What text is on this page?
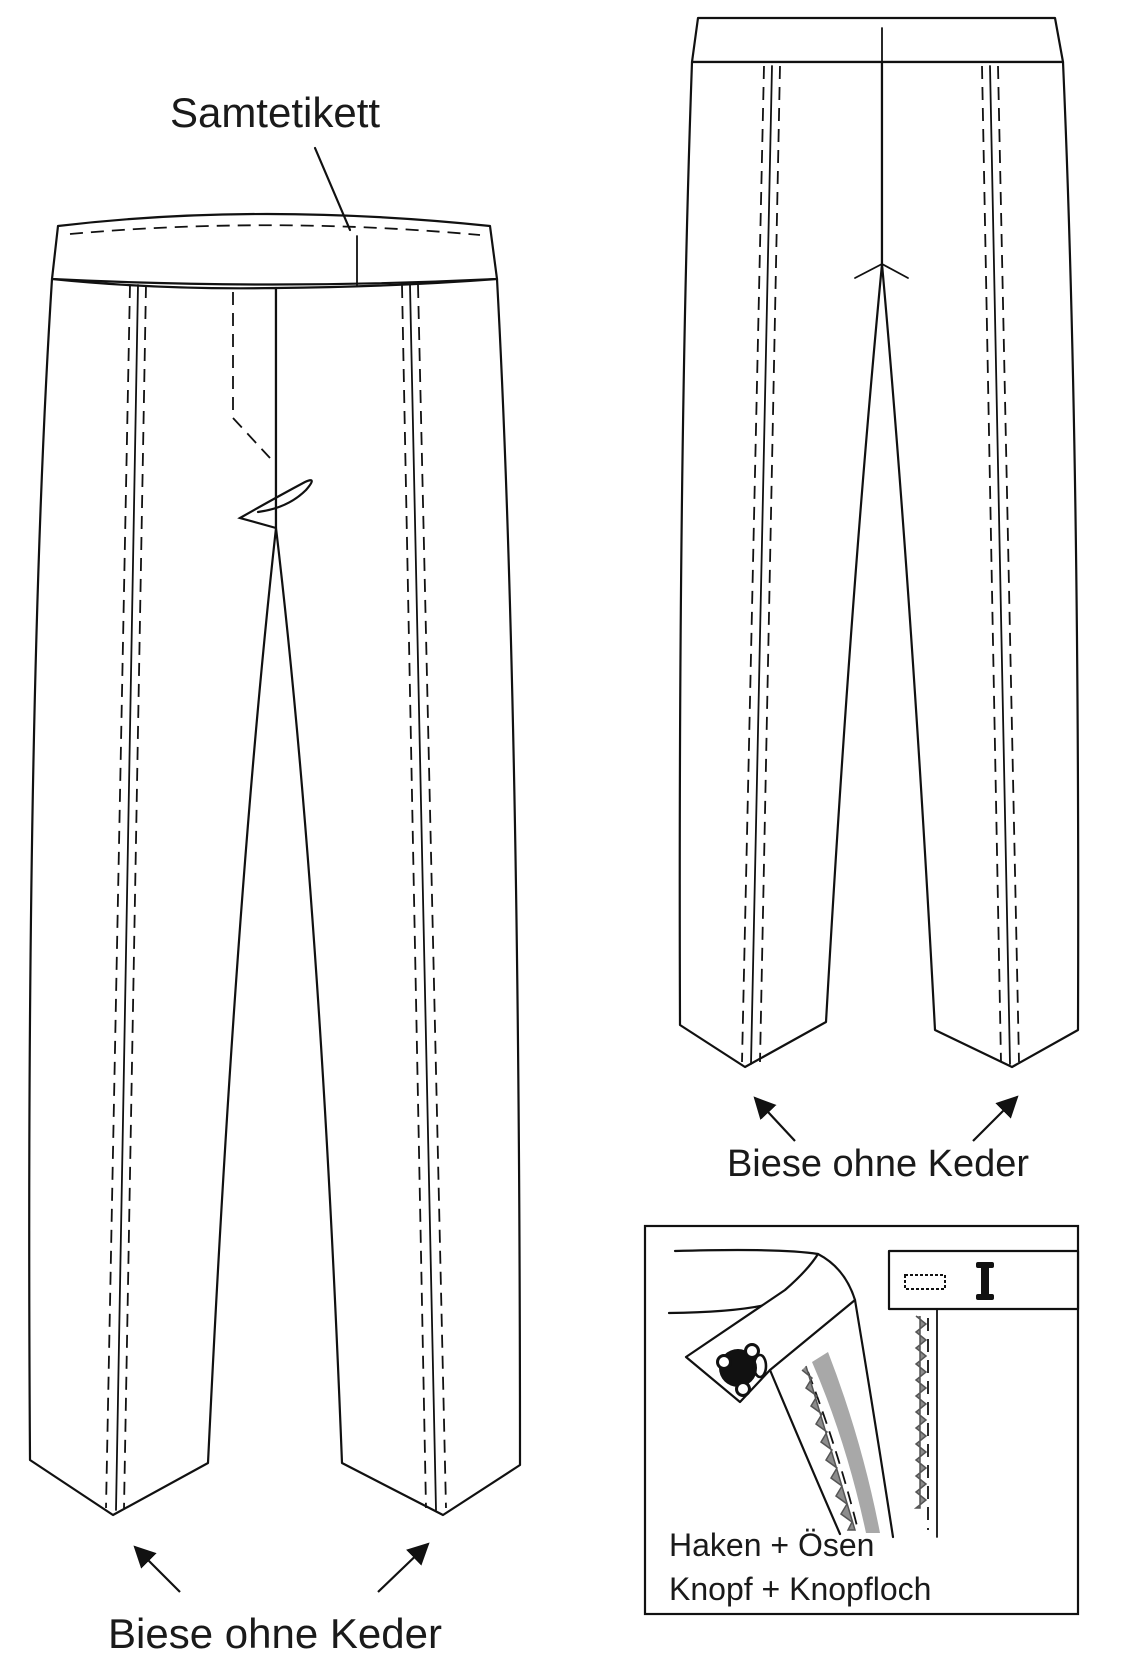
Samtetikett
Biese ohne Keder
Biese ohne Keder
Haken + Ösen
Knopf + Knopfloch
